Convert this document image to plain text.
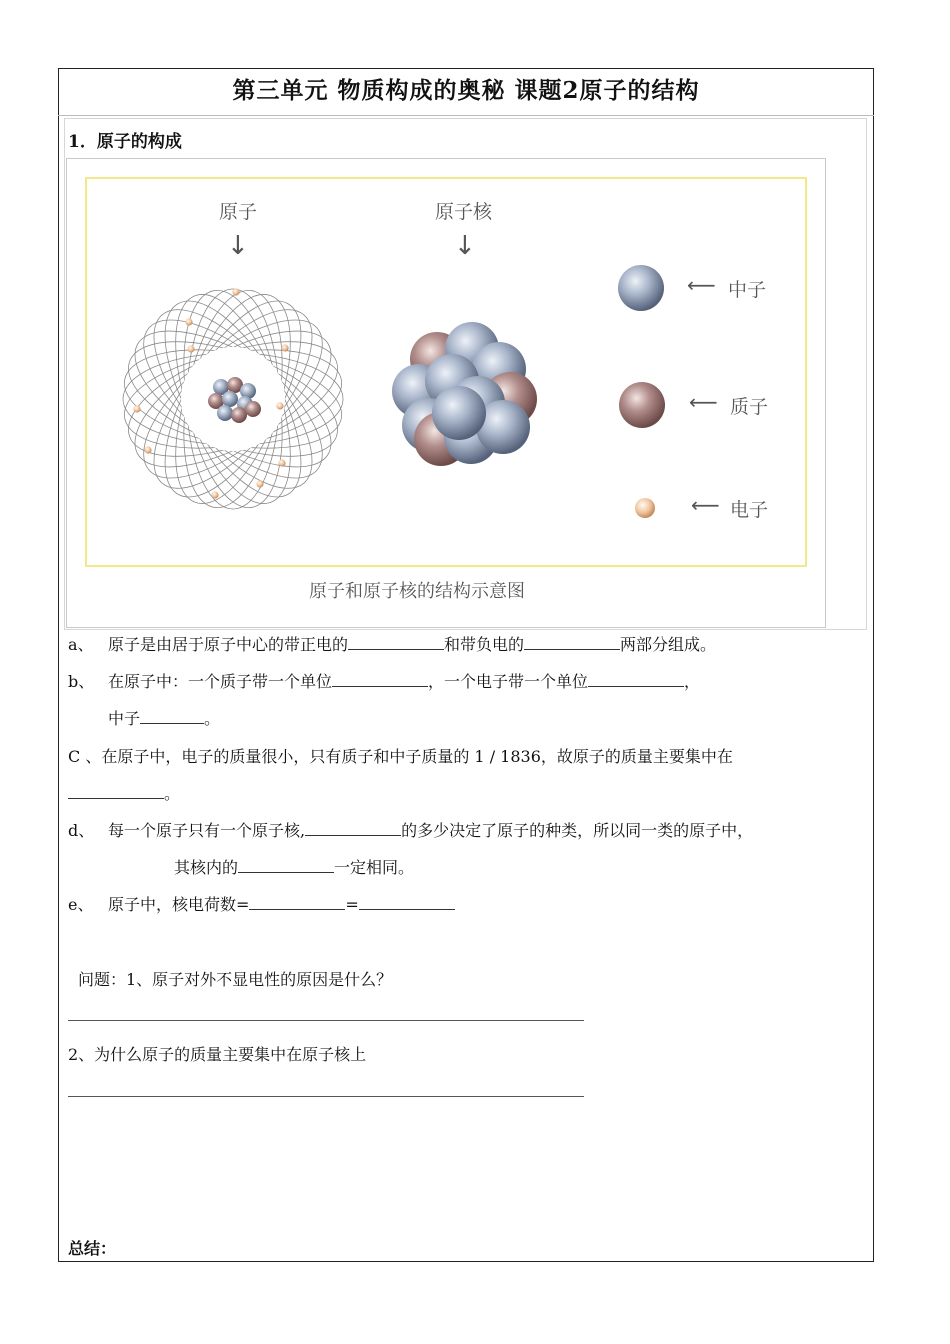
第三单元 物质构成的奥秘 课题2原子的结构
1．原子的构成
原子
↓
原子核
↓
⟵ 中子
⟵ 质子
⟵ 电子
原子和原子核的结构示意图
a、 原子是由居于原子中心的带正电的	和带负电的	两部分组成。
b、 在原子中：一个质子带一个单位	，一个电子带一个单位	，
中子	。
C 、在原子中，电子的质量很小，只有质子和中子质量的 1 / 1836，故原子的质量主要集中在
。
d、 每一个原子只有一个原子核,	的多少决定了原子的种类，所以同一类的原子中，
其核内的	一定相同。
e、 原子中，核电荷数=	=
问题：1、原子对外不显电性的原因是什么？
2、为什么原子的质量主要集中在原子核上
总结：
